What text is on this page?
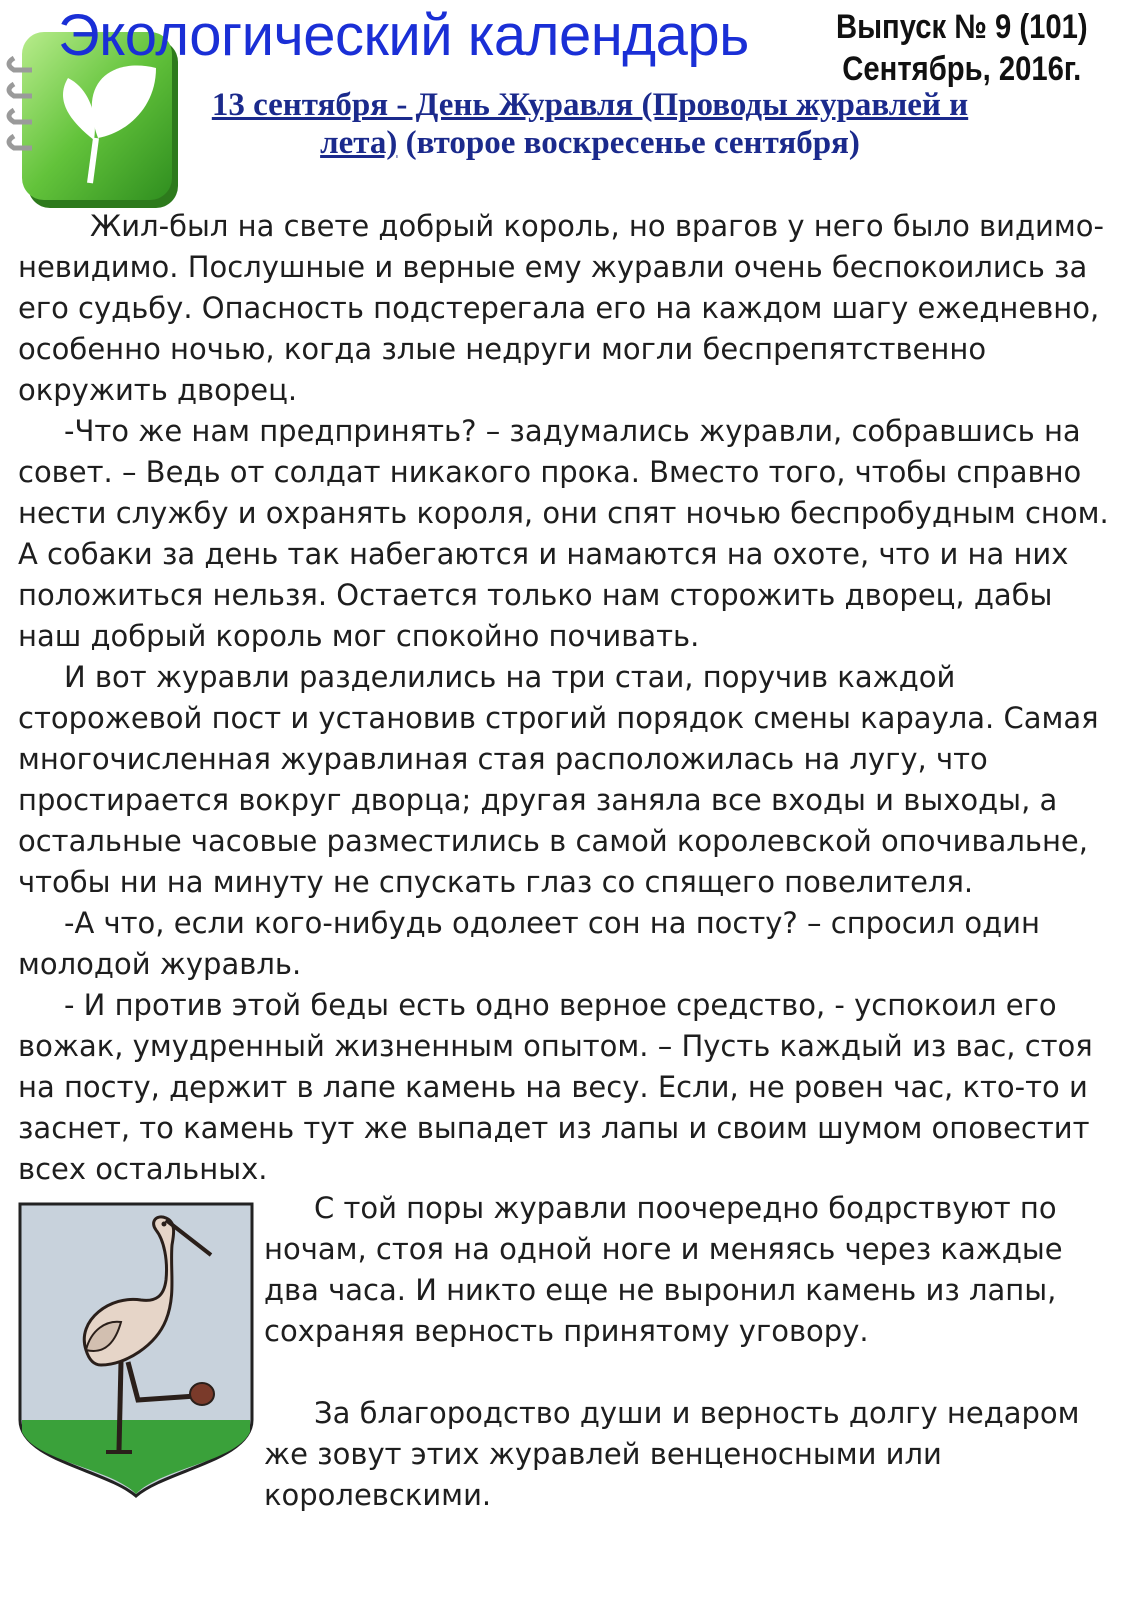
Экологический календарь	Выпуск № 9 (101)
Сентябрь, 2016г.
13 сентября - День Журавля (Проводы журавлей и
лета) (второе воскресенье сентября)

Жил-был на свете добрый король, но врагов у него было видимо-невидимо. Послушные и верные ему журавли очень беспокоились за его судьбу. Опасность подстерегала его на каждом шагу ежедневно, особенно ночью, когда злые недруги могли беспрепятственно окружить дворец.

-Что же нам предпринять? – задумались журавли, собравшись на совет. – Ведь от солдат никакого прока. Вместо того, чтобы справно нести службу и охранять короля, они спят ночью беспробудным сном. А собаки за день так набегаются и намаются на охоте, что и на них положиться нельзя. Остается только нам сторожить дворец, дабы наш добрый король мог спокойно почивать.

И вот журавли разделились на три стаи, поручив каждой сторожевой пост и установив строгий порядок смены караула. Самая многочисленная журавлиная стая расположилась на лугу, что простирается вокруг дворца; другая заняла все входы и выходы, а остальные часовые разместились в самой королевской опочивальне, чтобы ни на минуту не спускать глаз со спящего повелителя.

-А что, если кого-нибудь одолеет сон на посту? – спросил один молодой журавль.

- И против этой беды есть одно верное средство, - успокоил его вожак, умудренный жизненным опытом. – Пусть каждый из вас, стоя на посту, держит в лапе камень на весу. Если, не ровен час, кто-то и заснет, то камень тут же выпадет из лапы и своим шумом оповестит всех остальных.

С той поры журавли поочередно бодрствуют по ночам, стоя на одной ноге и меняясь через каждые два часа. И никто еще не выронил камень из лапы, сохраняя верность принятому уговору.

За благородство души и верность долгу недаром же зовут этих журавлей венценосными или королевскими.
